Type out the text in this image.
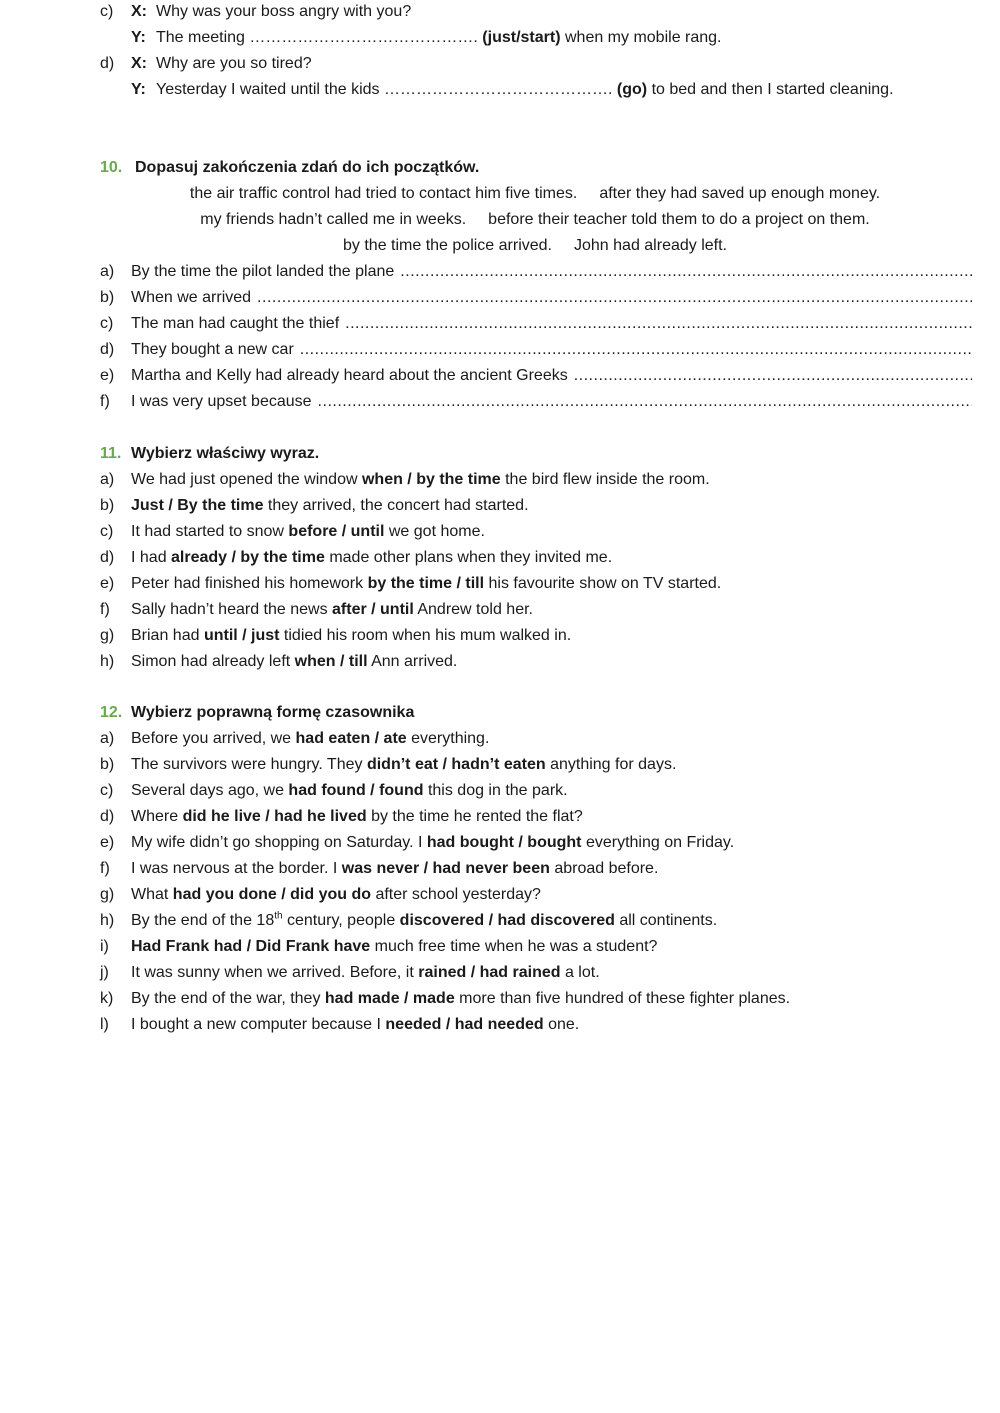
c) X: Why was your boss angry with you?
Y: The meeting ……………………………………. (just/start) when my mobile rang.
d) X: Why are you so tired?
Y: Yesterday I waited until the kids ……………………………………. (go) to bed and then I started cleaning.
10. Dopasuj zakończenia zdań do ich początków.
the air traffic control had tried to contact him five times. after they had saved up enough money.
my friends hadn’t called me in weeks. before their teacher told them to do a project on them.
by the time the police arrived. John had already left.
a) By the time the pilot landed the plane
.....
b) When we arrived
.....
c) The man had caught the thief
.....
d) They bought a new car
.....
e) Martha and Kelly had already heard about the ancient Greeks
.....
f) I was very upset because
.....
11. Wybierz właściwy wyraz.
a) We had just opened the window when / by the time the bird flew inside the room.
b) Just / By the time they arrived, the concert had started.
c) It had started to snow before / until we got home.
d) I had already / by the time made other plans when they invited me.
e) Peter had finished his homework by the time / till his favourite show on TV started.
f) Sally hadn’t heard the news after / until Andrew told her.
g) Brian had until / just tidied his room when his mum walked in.
h) Simon had already left when / till Ann arrived.
12. Wybierz poprawną formę czasownika
a) Before you arrived, we had eaten / ate everything.
b) The survivors were hungry. They didn’t eat / hadn’t eaten anything for days.
c) Several days ago, we had found / found this dog in the park.
d) Where did he live / had he lived by the time he rented the flat?
e) My wife didn’t go shopping on Saturday. I had bought / bought everything on Friday.
f) I was nervous at the border. I was never / had never been abroad before.
g) What had you done / did you do after school yesterday?
h) By the end of the 18th century, people discovered / had discovered all continents.
i) Had Frank had / Did Frank have much free time when he was a student?
j) It was sunny when we arrived. Before, it rained / had rained a lot.
k) By the end of the war, they had made / made more than five hundred of these fighter planes.
l) I bought a new computer because I needed / had needed one.
